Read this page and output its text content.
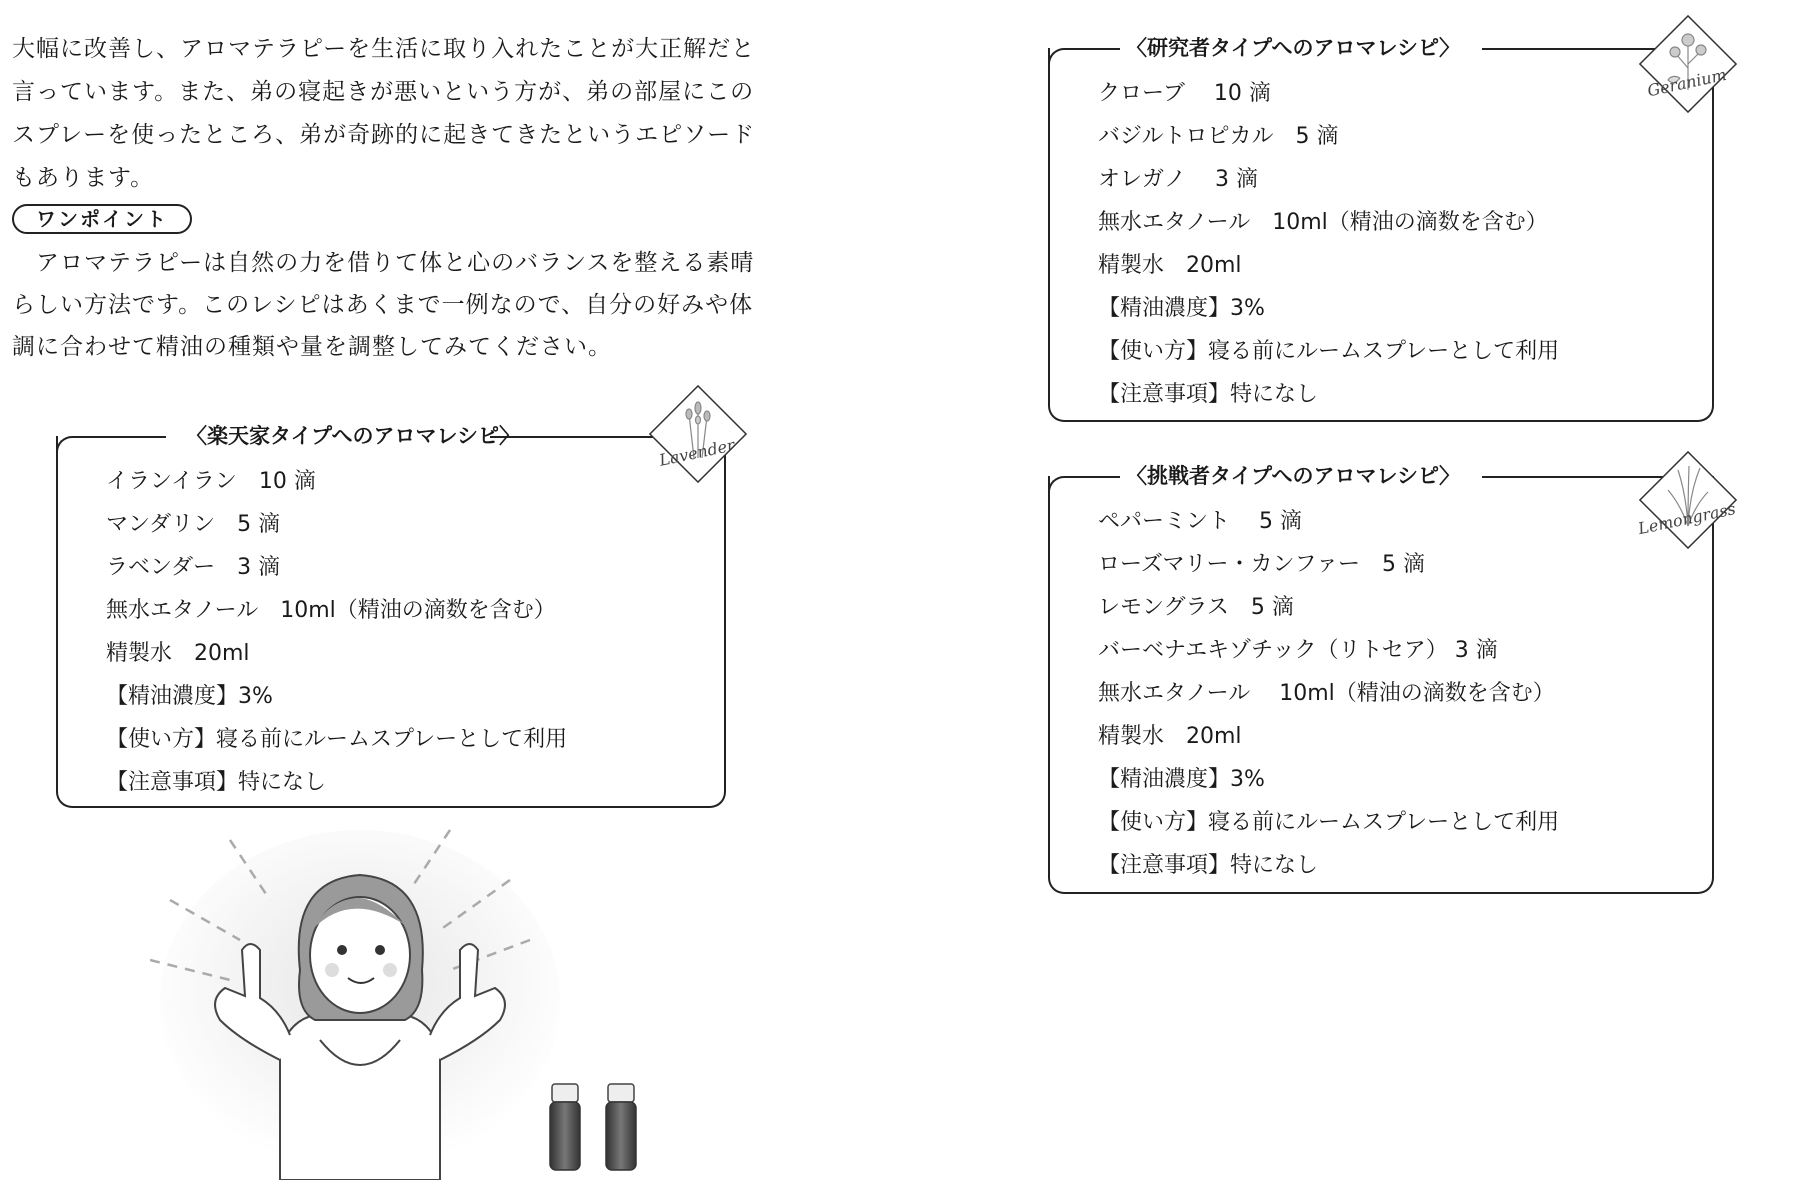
大幅に改善し、アロマテラピーを生活に取り入れたことが大正解だと言っています。また、弟の寝起きが悪いという方が、弟の部屋にこのスプレーを使ったところ、弟が奇跡的に起きてきたというエピソードもあります。

ワンポイント

アロマテラピーは自然の力を借りて体と心のバランスを整える素晴らしい方法です。このレシピはあくまで一例なので、自分の好みや体調に合わせて精油の種類や量を調整してみてください。

〈楽天家タイプへのアロマレシピ〉
イランイラン　10 滴
マンダリン　5 滴
ラベンダー　3 滴
無水エタノール　10ml（精油の滴数を含む）
精製水　20ml
【精油濃度】3%
【使い方】寝る前にルームスプレーとして利用
【注意事項】特になし
Lavender
〈研究者タイプへのアロマレシピ〉
クローブ　 10 滴
バジルトロピカル　5 滴
オレガノ　 3 滴
無水エタノール　10ml（精油の滴数を含む）
精製水　20ml
【精油濃度】3%
【使い方】寝る前にルームスプレーとして利用
【注意事項】特になし
Geranium
〈挑戦者タイプへのアロマレシピ〉
ペパーミント　 5 滴
ローズマリー・カンファー　5 滴
レモングラス　5 滴
バーベナエキゾチック（リトセア） 3 滴
無水エタノール　 10ml（精油の滴数を含む）
精製水　20ml
【精油濃度】3%
【使い方】寝る前にルームスプレーとして利用
【注意事項】特になし
Lemongrass
